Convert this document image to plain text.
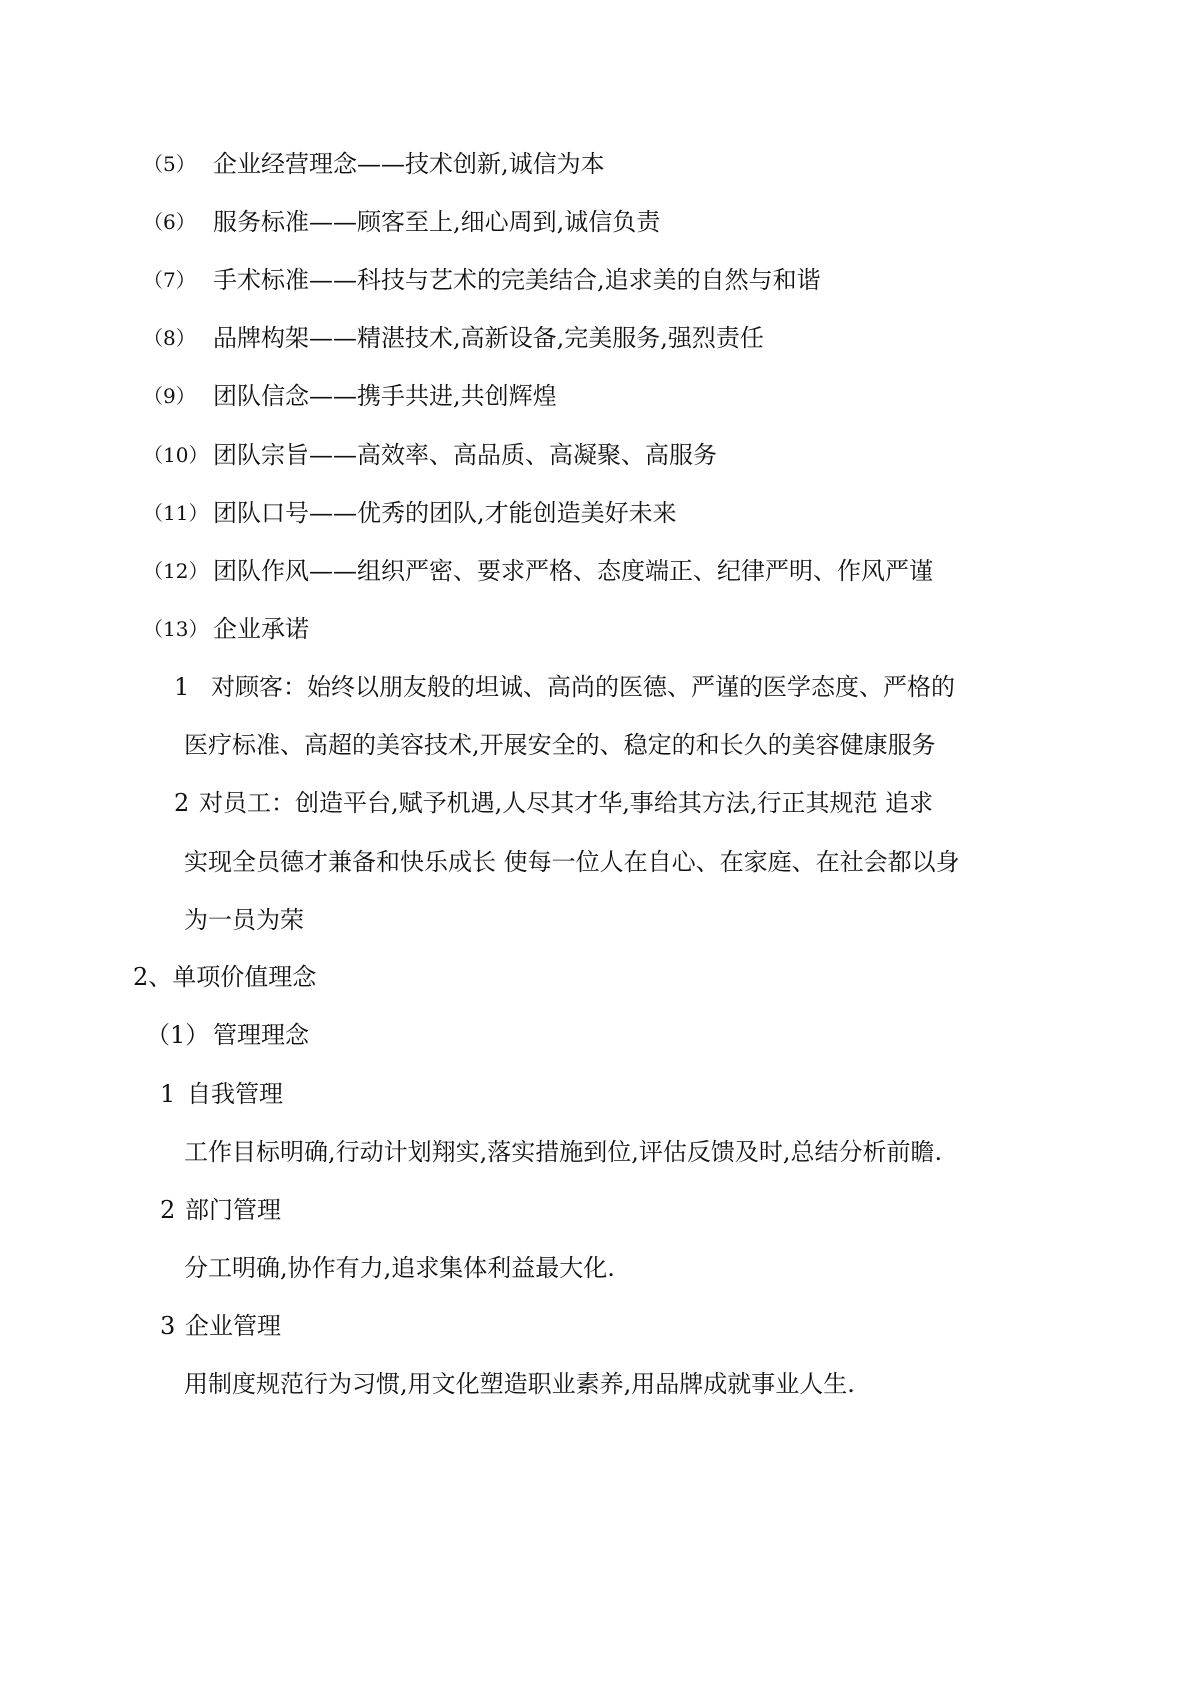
（5） 企业经营理念——技术创新,诚信为本
（6） 服务标准——顾客至上,细心周到,诚信负责
（7） 手术标准——科技与艺术的完美结合,追求美的自然与和谐
（8） 品牌构架——精湛技术,高新设备,完美服务,强烈责任
（9） 团队信念——携手共进,共创辉煌
（10） 团队宗旨——高效率、高品质、高凝聚、高服务
（11） 团队口号——优秀的团队,才能创造美好未来
（12） 团队作风——组织严密、要求严格、态度端正、纪律严明、作风严谨
（13） 企业承诺
1 对顾客：始终以朋友般的坦诚、高尚的医德、严谨的医学态度、严格的
医疗标准、高超的美容技术,开展安全的、稳定的和长久的美容健康服务
2 对员工：创造平台,赋予机遇,人尽其才华,事给其方法,行正其规范 追求
实现全员德才兼备和快乐成长 使每一位人在自心、在家庭、在社会都以身
为一员为荣
2、单项价值理念
（1） 管理理念
1 自我管理
工作目标明确,行动计划翔实,落实措施到位,评估反馈及时,总结分析前瞻.
2 部门管理
分工明确,协作有力,追求集体利益最大化.
3 企业管理
用制度规范行为习惯,用文化塑造职业素养,用品牌成就事业人生.
